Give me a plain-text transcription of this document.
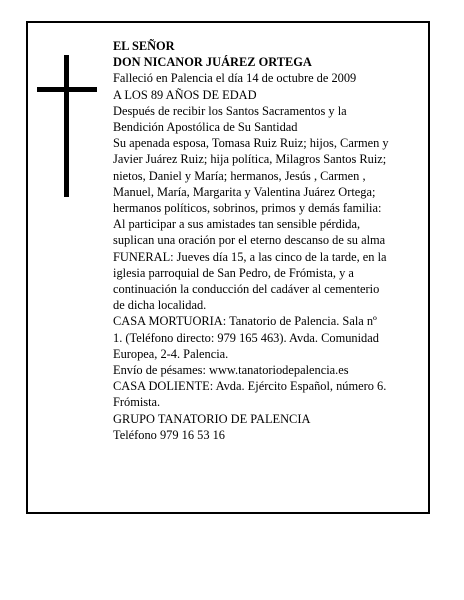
EL SEÑOR
DON NICANOR JUÁREZ ORTEGA
Falleció en Palencia el día 14 de octubre de 2009
A LOS 89 AÑOS DE EDAD
Después de recibir los Santos Sacramentos y la
Bendición Apostólica de Su Santidad
Su apenada esposa, Tomasa Ruiz Ruiz; hijos, Carmen y
Javier Juárez Ruiz; hija política, Milagros Santos Ruiz;
nietos, Daniel y María; hermanos, Jesús , Carmen ,
Manuel, María, Margarita y Valentina Juárez Ortega;
hermanos políticos, sobrinos, primos y demás familia:
Al participar a sus amistades tan sensible pérdida,
suplican una oración por el eterno descanso de su alma
FUNERAL: Jueves día 15, a las cinco de la tarde, en la
iglesia parroquial de San Pedro, de Frómista, y a
continuación la conducción del cadáver al cementerio
de dicha localidad.
CASA MORTUORIA: Tanatorio de Palencia. Sala nº
1. (Teléfono directo: 979 165 463). Avda. Comunidad
Europea, 2-4. Palencia.
Envío de pésames: www.tanatoriodepalencia.es
CASA DOLIENTE: Avda. Ejército Español, número 6.
Frómista.
GRUPO TANATORIO DE PALENCIA
Teléfono 979 16 53 16
